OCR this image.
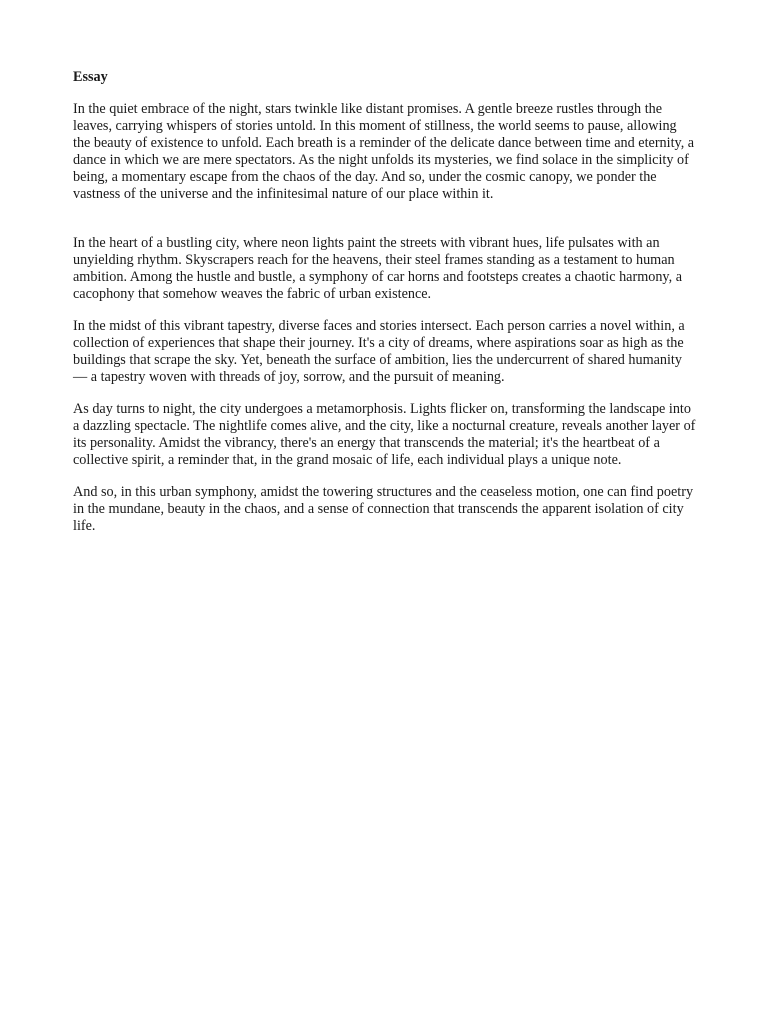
Essay

In the quiet embrace of the night, stars twinkle like distant promises. A gentle breeze rustles through the leaves, carrying whispers of stories untold. In this moment of stillness, the world seems to pause, allowing the beauty of existence to unfold. Each breath is a reminder of the delicate dance between time and eternity, a dance in which we are mere spectators. As the night unfolds its mysteries, we find solace in the simplicity of being, a momentary escape from the chaos of the day. And so, under the cosmic canopy, we ponder the vastness of the universe and the infinitesimal nature of our place within it.

In the heart of a bustling city, where neon lights paint the streets with vibrant hues, life pulsates with an unyielding rhythm. Skyscrapers reach for the heavens, their steel frames standing as a testament to human ambition. Among the hustle and bustle, a symphony of car horns and footsteps creates a chaotic harmony, a cacophony that somehow weaves the fabric of urban existence.

In the midst of this vibrant tapestry, diverse faces and stories intersect. Each person carries a novel within, a collection of experiences that shape their journey. It's a city of dreams, where aspirations soar as high as the buildings that scrape the sky. Yet, beneath the surface of ambition, lies the undercurrent of shared humanity — a tapestry woven with threads of joy, sorrow, and the pursuit of meaning.

As day turns to night, the city undergoes a metamorphosis. Lights flicker on, transforming the landscape into a dazzling spectacle. The nightlife comes alive, and the city, like a nocturnal creature, reveals another layer of its personality. Amidst the vibrancy, there's an energy that transcends the material; it's the heartbeat of a collective spirit, a reminder that, in the grand mosaic of life, each individual plays a unique note.

And so, in this urban symphony, amidst the towering structures and the ceaseless motion, one can find poetry in the mundane, beauty in the chaos, and a sense of connection that transcends the apparent isolation of city life.
